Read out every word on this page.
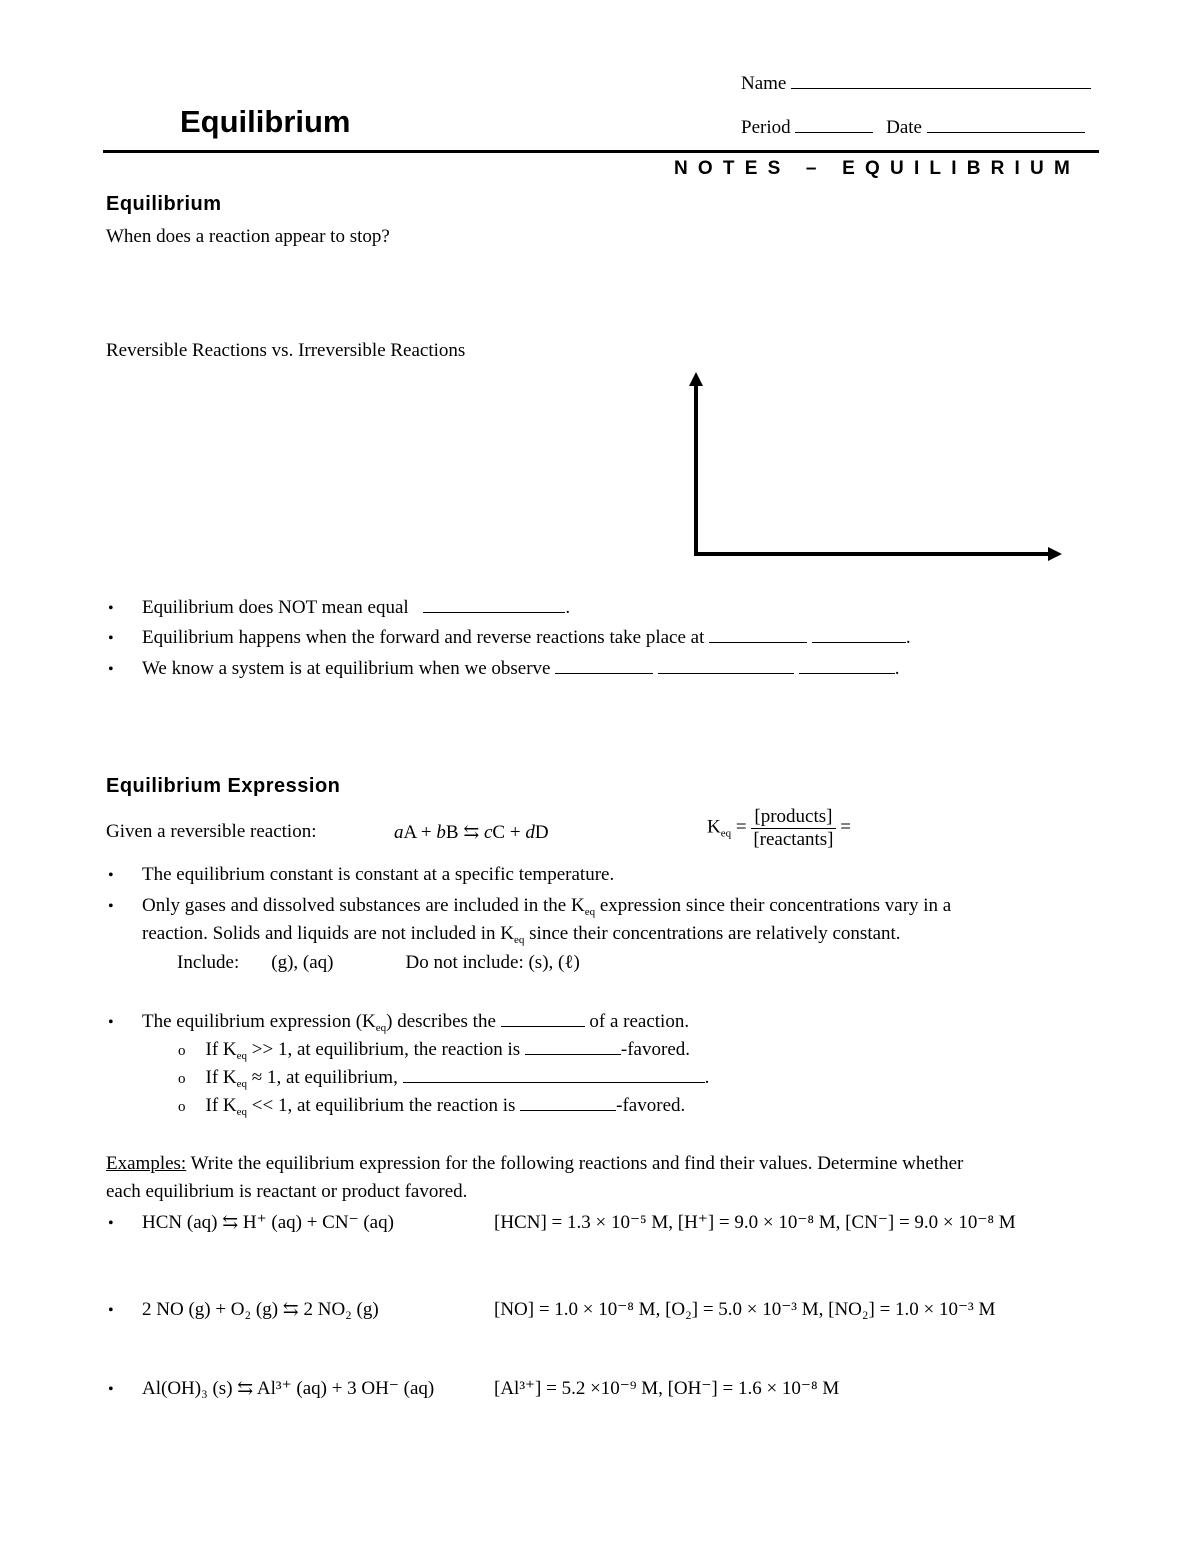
Equilibrium
Name
Period	Date
NOTES – EQUILIBRIUM
Equilibrium
When does a reaction appear to stop?
Reversible Reactions vs. Irreversible Reactions
• Equilibrium does NOT mean equal	.
• Equilibrium happens when the forward and reverse reactions take place at	.
• We know a system is at equilibrium when we observe	.
Equilibrium Expression
Given a reversible reaction:	aA + bB ⇆ cC + dD	$K_{eq} = \frac{\text{[products]}}{\text{[reactants]}}$ =
• The equilibrium constant is constant at a specific temperature.
• Only gases and dissolved substances are included in the $K_{eq}$ expression since their concentrations vary in a
reaction. Solids and liquids are not included in $K_{eq}$ since their concentrations are relatively constant.
Include: (g), (aq)	Do not include: (s), (ℓ)
• The equilibrium expression $(K_{eq})$ describes the	of a reaction.
o If $K_{eq} >> 1$, at equilibrium, the reaction is	-favored.
o If $K_{eq} \approx 1$, at equilibrium,	.
o If $K_{eq} << 1$, at equilibrium the reaction is	-favored.
Examples: Write the equilibrium expression for the following reactions and find their values. Determine whether
each equilibrium is reactant or product favored.
• HCN (aq) ⇆ H⁺ (aq) + CN⁻ (aq)	[HCN] = 1.3 × 10⁻⁵ M, [H⁺] = 9.0 × 10⁻⁸ M, [CN⁻] = 9.0 × 10⁻⁸ M
• 2 NO (g) + O₂ (g) ⇆ 2 NO₂ (g)	[NO] = 1.0 × 10⁻⁸ M, [O₂] = 5.0 × 10⁻³ M, [NO₂] = 1.0 × 10⁻³ M
• Al(OH)₃ (s) ⇆ Al³⁺ (aq) + 3 OH⁻ (aq)	[Al³⁺] = 5.2 ×10⁻⁹ M, [OH⁻] = 1.6 × 10⁻⁸ M
